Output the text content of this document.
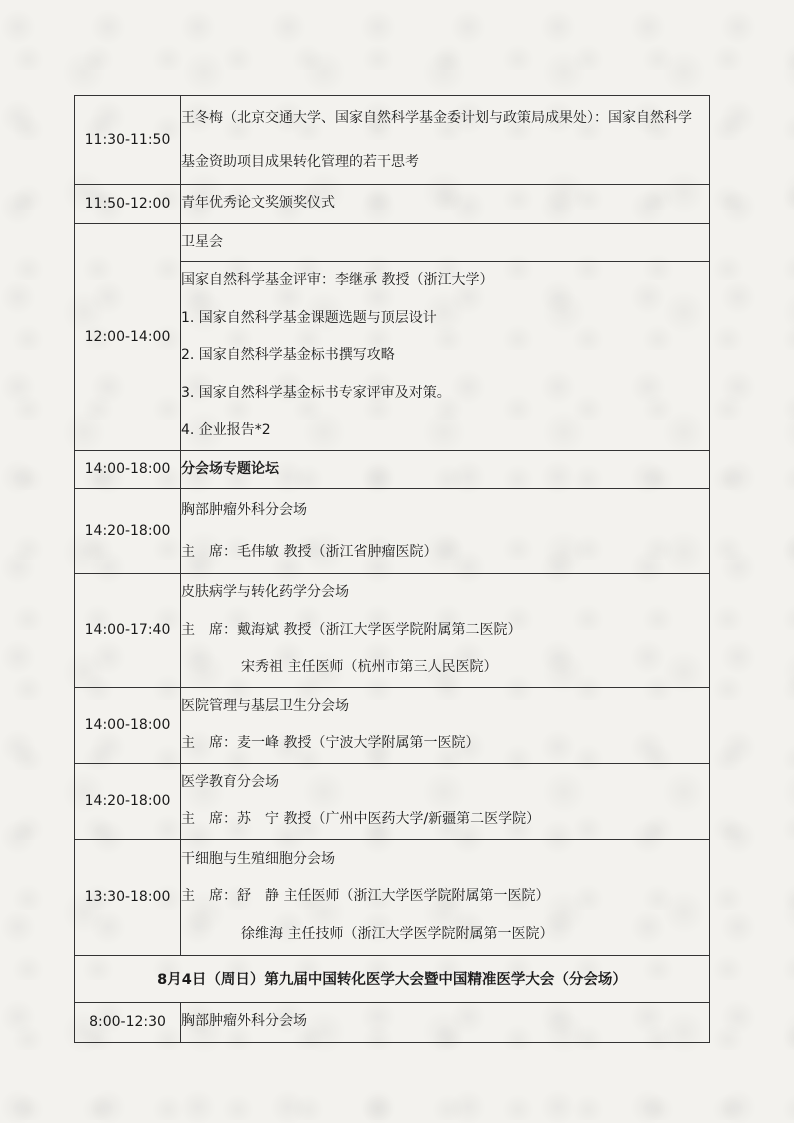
11:30-11:50	王冬梅（北京交通大学、国家自然科学基金委计划与政策局成果处）：国家自然科学基金资助项目成果转化管理的若干思考

11:50-12:00	青年优秀论文奖颁奖仪式

12:00-14:00	卫星会

	国家自然科学基金评审：李继承 教授（浙江大学）
1. 国家自然科学基金课题选题与顶层设计
2. 国家自然科学基金标书撰写攻略
3. 国家自然科学基金标书专家评审及对策。
4. 企业报告*2

14:00-18:00	分会场专题论坛

14:20-18:00	胸部肿瘤外科分会场
主　席：毛伟敏 教授（浙江省肿瘤医院）

14:00-17:40	皮肤病学与转化药学分会场
主　席：戴海斌 教授（浙江大学医学院附属第二医院）
宋秀祖 主任医师（杭州市第三人民医院）

14:00-18:00	医院管理与基层卫生分会场
主　席：麦一峰 教授（宁波大学附属第一医院）

14:20-18:00	医学教育分会场
主　席：苏　宁 教授（广州中医药大学/新疆第二医学院）

13:30-18:00	干细胞与生殖细胞分会场
主　席：舒　静 主任医师（浙江大学医学院附属第一医院）
徐维海 主任技师（浙江大学医学院附属第一医院）

8月4日（周日）第九届中国转化医学大会暨中国精准医学大会（分会场）	
8:00-12:30	胸部肿瘤外科分会场
